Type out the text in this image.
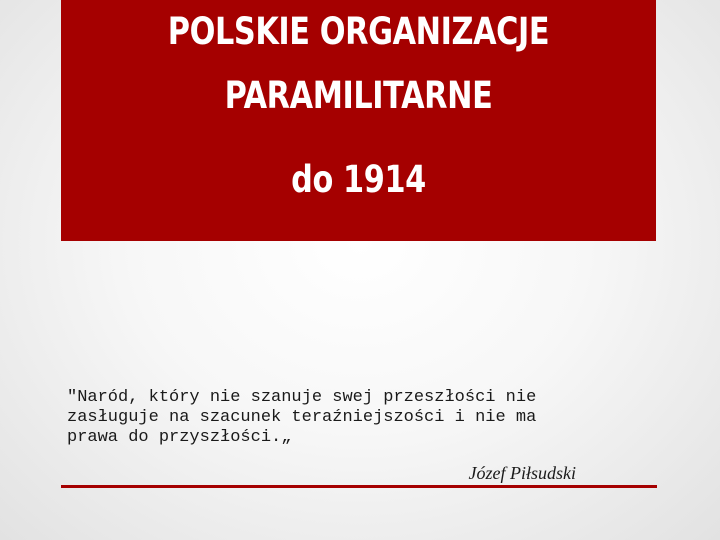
POLSKIE ORGANIZACJE
PARAMILITARNE
do 1914
"Naród, który nie szanuje swej przeszłości nie
zasługuje na szacunek teraźniejszości i nie ma
prawa do przyszłości.„
Józef Piłsudski
